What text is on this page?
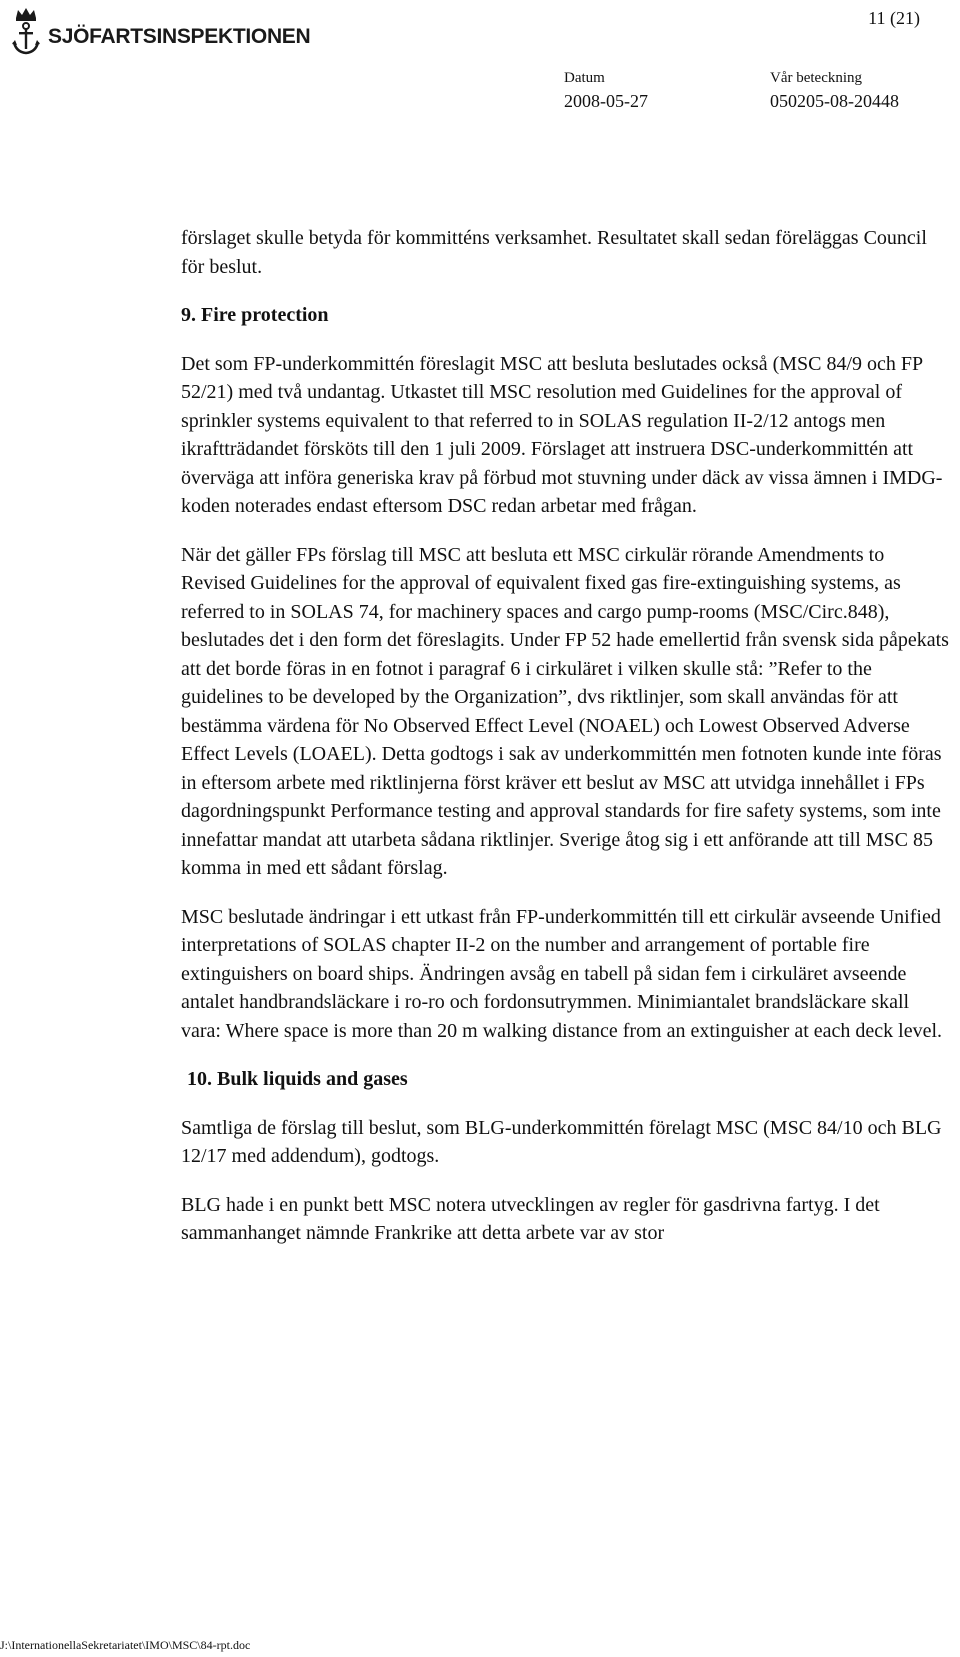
SJÖFARTSINSPEKTIONEN
11 (21)
Datum
2008-05-27
Vår beteckning
050205-08-20448

förslaget skulle betyda för kommitténs verksamhet. Resultatet skall sedan föreläggas Council för beslut.

9. Fire protection

Det som FP-underkommittén föreslagit MSC att besluta beslutades också (MSC 84/9 och FP 52/21) med två undantag. Utkastet till MSC resolution med Guidelines for the approval of sprinkler systems equivalent to that referred to in SOLAS regulation II-2/12 antogs men ikraftträdandet försköts till den 1 juli 2009. Förslaget att instruera DSC-underkommittén att överväga att införa generiska krav på förbud mot stuvning under däck av vissa ämnen i IMDG-koden noterades endast eftersom DSC redan arbetar med frågan.

När det gäller FPs förslag till MSC att besluta ett MSC cirkulär rörande Amendments to Revised Guidelines for the approval of equivalent fixed gas fire-extinguishing systems, as referred to in SOLAS 74, for machinery spaces and cargo pump-rooms (MSC/Circ.848), beslutades det i den form det föreslagits. Under FP 52 hade emellertid från svensk sida påpekats att det borde föras in en fotnot i paragraf 6 i cirkuläret i vilken skulle stå: ”Refer to the guidelines to be developed by the Organization”, dvs riktlinjer, som skall användas för att bestämma värdena för No Observed Effect Level (NOAEL) och Lowest Observed Adverse Effect Levels (LOAEL). Detta godtogs i sak av underkommittén men fotnoten kunde inte föras in eftersom arbete med riktlinjerna först kräver ett beslut av MSC att utvidga innehållet i FPs dagordningspunkt Performance testing and approval standards for fire safety systems, som inte innefattar mandat att utarbeta sådana riktlinjer. Sverige åtog sig i ett anförande att till MSC 85 komma in med ett sådant förslag.

MSC beslutade ändringar i ett utkast från FP-underkommittén till ett cirkulär avseende Unified interpretations of SOLAS chapter II-2 on the number and arrangement of portable fire extinguishers on board ships. Ändringen avsåg en tabell på sidan fem i cirkuläret avseende antalet handbrandsläckare i ro-ro och fordonsutrymmen. Minimiantalet brandsläckare skall vara: Where space is more than 20 m walking distance from an extinguisher at each deck level.

10. Bulk liquids and gases

Samtliga de förslag till beslut, som BLG-underkommittén förelagt MSC (MSC 84/10 och BLG 12/17 med addendum), godtogs.

BLG hade i en punkt bett MSC notera utvecklingen av regler för gasdrivna fartyg. I det sammanhanget nämnde Frankrike att detta arbete var av stor

J:\InternationellaSekretariatet\IMO\MSC\84-rpt.doc
